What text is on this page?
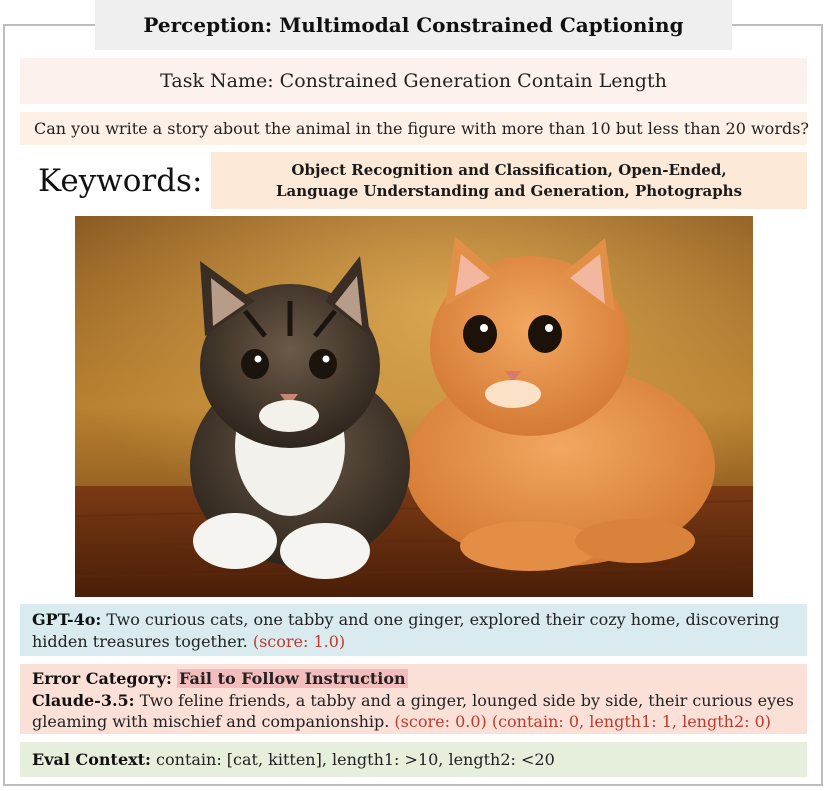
Perception: Multimodal Constrained Captioning
Task Name: Constrained Generation Contain Length
Can you write a story about the animal in the figure with more than 10 but less than 20 words?
Keywords:	Object Recognition and Classification, Open-Ended,
Language Understanding and Generation, Photographs
GPT-4o: Two curious cats, one tabby and one ginger, explored their cozy home, discovering hidden treasures together. (score: 1.0)
Error Category: Fail to Follow Instruction
Claude-3.5: Two feline friends, a tabby and a ginger, lounged side by side, their curious eyes gleaming with mischief and companionship. (score: 0.0) (contain: 0, length1: 1, length2: 0)
Eval Context: contain: [cat, kitten], length1: >10, length2: <20
